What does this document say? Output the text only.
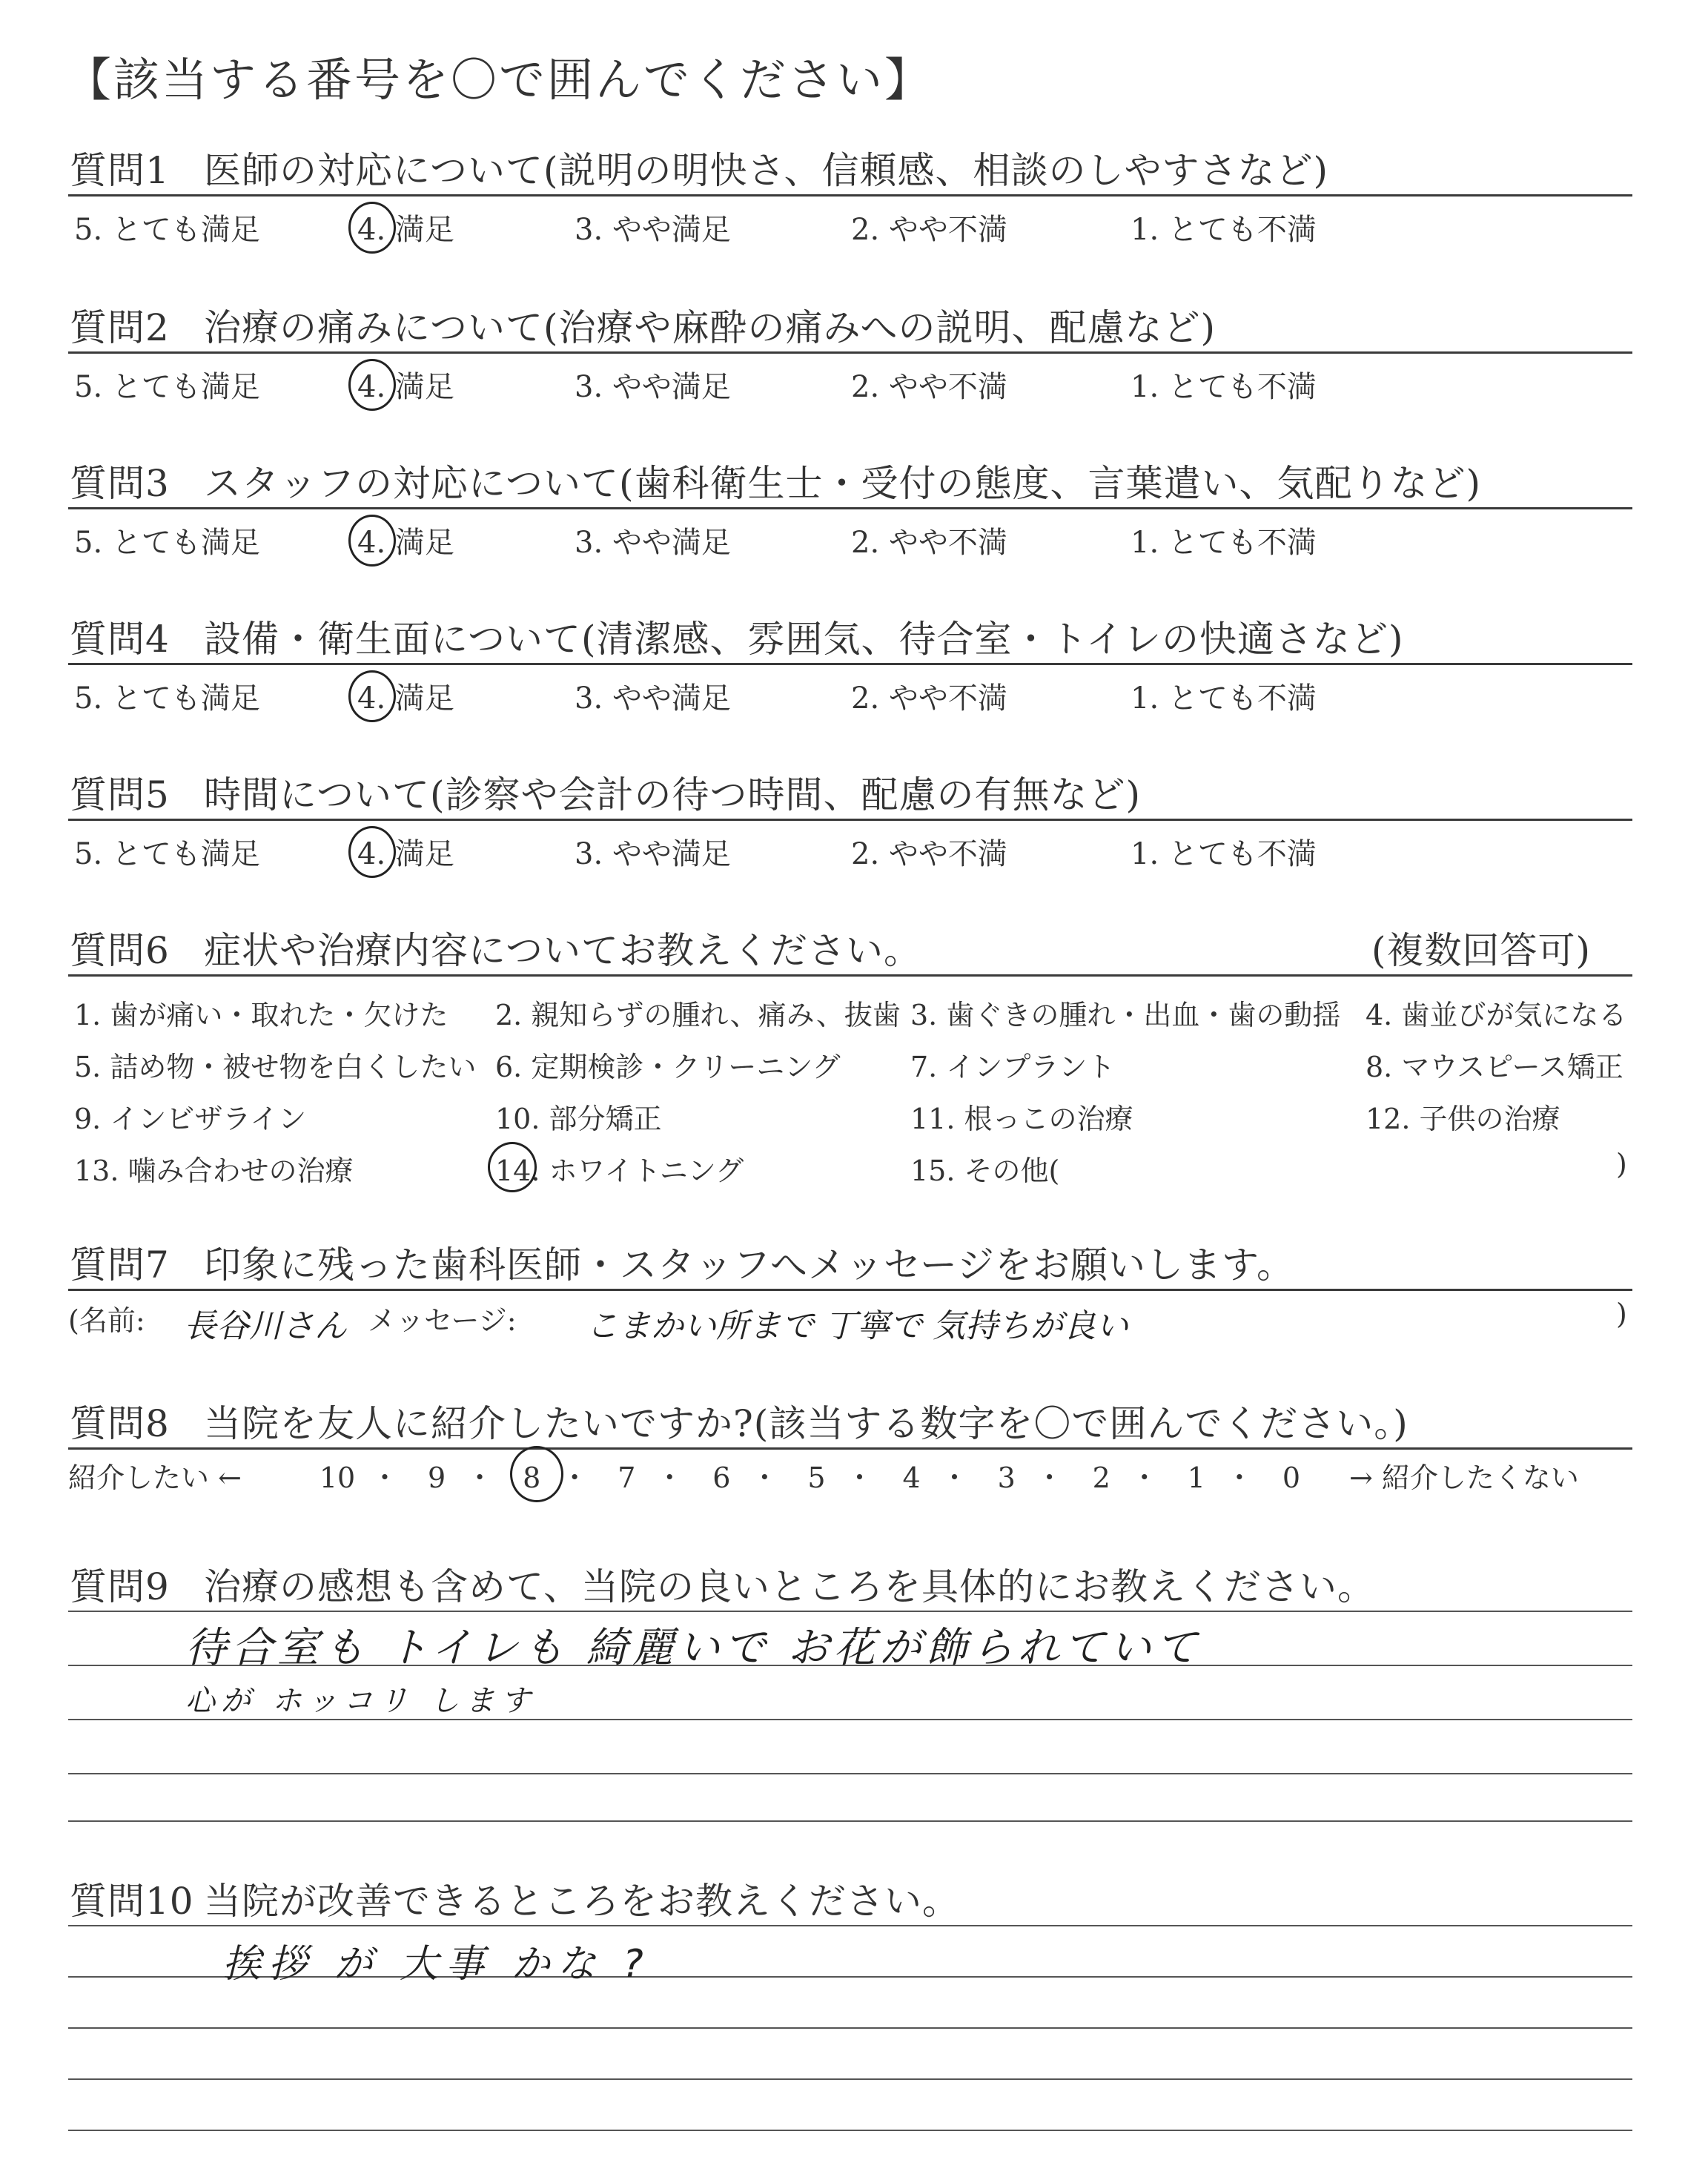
【該当する番号を〇で囲んでください】
質問1 医師の対応について(説明の明快さ、信頼感、相談のしやすさなど)
5. とても満足	4. 満足	3. やや満足	2. やや不満	1. とても不満
質問2 治療の痛みについて(治療や麻酔の痛みへの説明、配慮など)
5. とても満足	4. 満足	3. やや満足	2. やや不満	1. とても不満
質問3 スタッフの対応について(歯科衛生士・受付の態度、言葉遣い、気配りなど)
5. とても満足	4. 満足	3. やや満足	2. やや不満	1. とても不満
質問4 設備・衛生面について(清潔感、雰囲気、待合室・トイレの快適さなど)
5. とても満足	4. 満足	3. やや満足	2. やや不満	1. とても不満
質問5 時間について(診察や会計の待つ時間、配慮の有無など)
5. とても満足	4. 満足	3. やや満足	2. やや不満	1. とても不満
質問6 症状や治療内容についてお教えください。	(複数回答可)
1. 歯が痛い・取れた・欠けた 2. 親知らずの腫れ、痛み、抜歯 3. 歯ぐきの腫れ・出血・歯の動揺 4. 歯並びが気になる
5. 詰め物・被せ物を白くしたい 6. 定期検診・クリーニング 7. インプラント	8. マウスピース矯正
9. インビザライン	10. 部分矯正	11. 根っこの治療	12. 子供の治療
13. 噛み合わせの治療	14. ホワイトニング	15. その他(	)
質問7 印象に残った歯科医師・スタッフへメッセージをお願いします。
(名前: 長谷川さん メッセージ: こまかい所まで 丁寧で 気持ちが良い	)
質問8 当院を友人に紹介したいですか?(該当する数字を〇で囲んでください。)
紹介したい ←	10 ・ 9 ・ 8 ・ 7 ・ 6 ・ 5 ・ 4 ・ 3 ・ 2 ・ 1 ・ 0	→ 紹介したくない
質問9 治療の感想も含めて、当院の良いところを具体的にお教えください。
待合室も トイレも 綺麗いで お花が飾られていて
心が ホッコリ します
質問10 当院が改善できるところをお教えください。
挨拶 が 大事 かな ?
